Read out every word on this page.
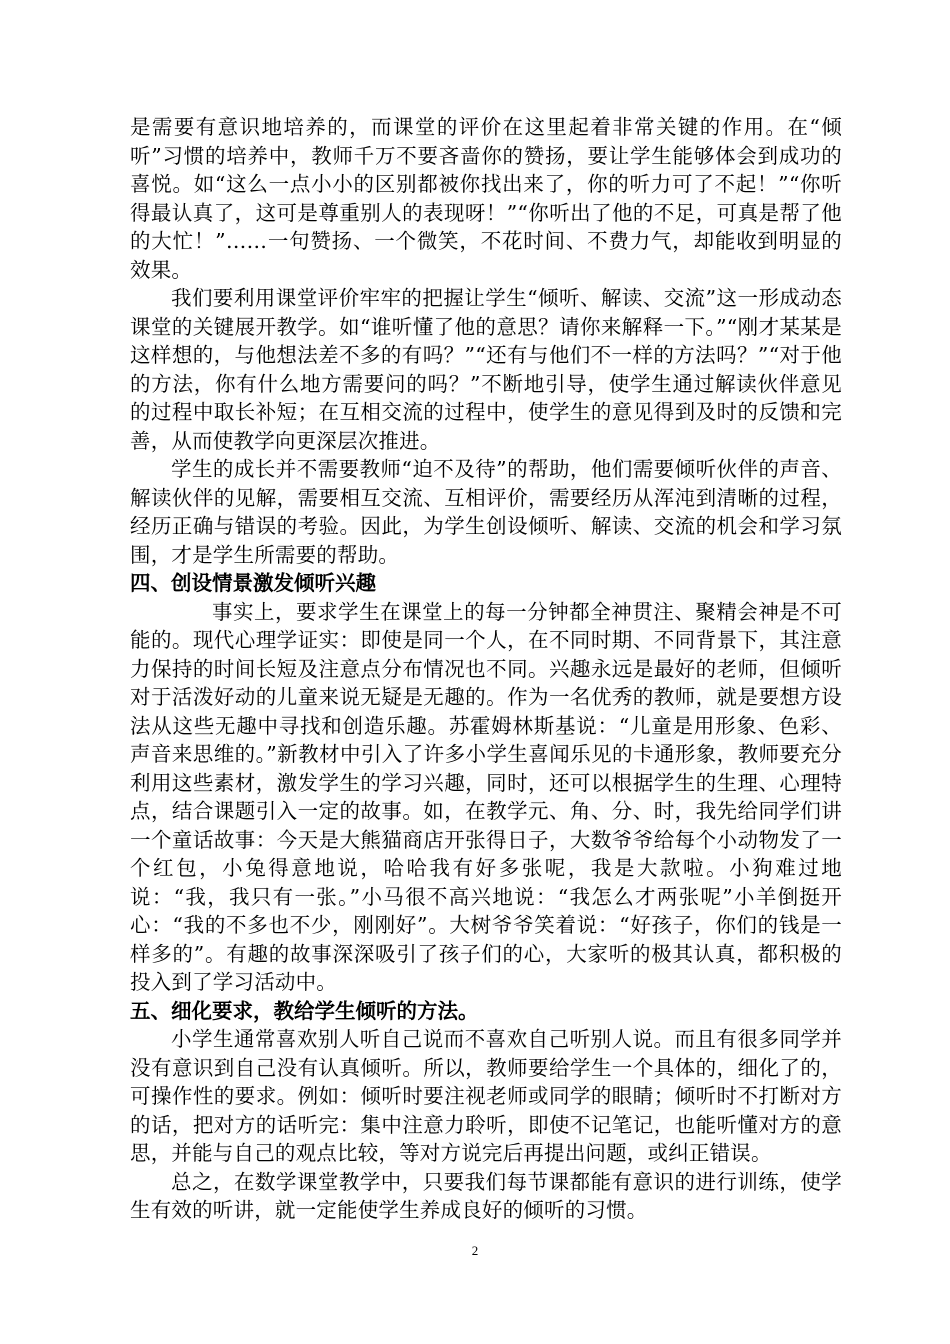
是需要有意识地培养的，而课堂的评价在这里起着非常关键的作用。在“倾听”习惯的培养中，教师千万不要吝啬你的赞扬，要让学生能够体会到成功的喜悦。如“这么一点小小的区别都被你找出来了，你的听力可了不起！”“你听得最认真了，这可是尊重别人的表现呀！”“你听出了他的不足，可真是帮了他的大忙！”……一句赞扬、一个微笑，不花时间、不费力气，却能收到明显的效果。

我们要利用课堂评价牢牢的把握让学生“倾听、解读、交流”这一形成动态课堂的关键展开教学。如“谁听懂了他的意思？请你来解释一下。”“刚才某某是这样想的，与他想法差不多的有吗？”“还有与他们不一样的方法吗？”“对于他的方法，你有什么地方需要问的吗？”不断地引导，使学生通过解读伙伴意见的过程中取长补短；在互相交流的过程中，使学生的意见得到及时的反馈和完善，从而使教学向更深层次推进。

学生的成长并不需要教师“迫不及待”的帮助，他们需要倾听伙伴的声音、解读伙伴的见解，需要相互交流、互相评价，需要经历从浑沌到清晰的过程，经历正确与错误的考验。因此，为学生创设倾听、解读、交流的机会和学习氛围，才是学生所需要的帮助。

四、创设情景激发倾听兴趣

事实上，要求学生在课堂上的每一分钟都全神贯注、聚精会神是不可能的。现代心理学证实：即使是同一个人，在不同时期、不同背景下，其注意力保持的时间长短及注意点分布情况也不同。兴趣永远是最好的老师，但倾听对于活泼好动的儿童来说无疑是无趣的。作为一名优秀的教师，就是要想方设法从这些无趣中寻找和创造乐趣。苏霍姆林斯基说：“儿童是用形象、色彩、声音来思维的。”新教材中引入了许多小学生喜闻乐见的卡通形象，教师要充分利用这些素材，激发学生的学习兴趣，同时，还可以根据学生的生理、心理特点，结合课题引入一定的故事。如，在教学元、角、分、时，我先给同学们讲一个童话故事：今天是大熊猫商店开张得日子，大数爷爷给每个小动物发了一个红包，小兔得意地说，哈哈我有好多张呢，我是大款啦。小狗难过地说：“我，我只有一张。”小马很不高兴地说：“我怎么才两张呢”小羊倒挺开心：“我的不多也不少，刚刚好”。大树爷爷笑着说：“好孩子，你们的钱是一样多的”。有趣的故事深深吸引了孩子们的心，大家听的极其认真，都积极的投入到了学习活动中。

五、细化要求，教给学生倾听的方法。

小学生通常喜欢别人听自己说而不喜欢自己听别人说。而且有很多同学并没有意识到自己没有认真倾听。所以，教师要给学生一个具体的，细化了的，可操作性的要求。例如：倾听时要注视老师或同学的眼睛；倾听时不打断对方的话，把对方的话听完：集中注意力聆听，即使不记笔记，也能听懂对方的意思，并能与自己的观点比较，等对方说完后再提出问题，或纠正错误。

总之，在数学课堂教学中，只要我们每节课都能有意识的进行训练，使学生有效的听讲，就一定能使学生养成良好的倾听的习惯。

2
